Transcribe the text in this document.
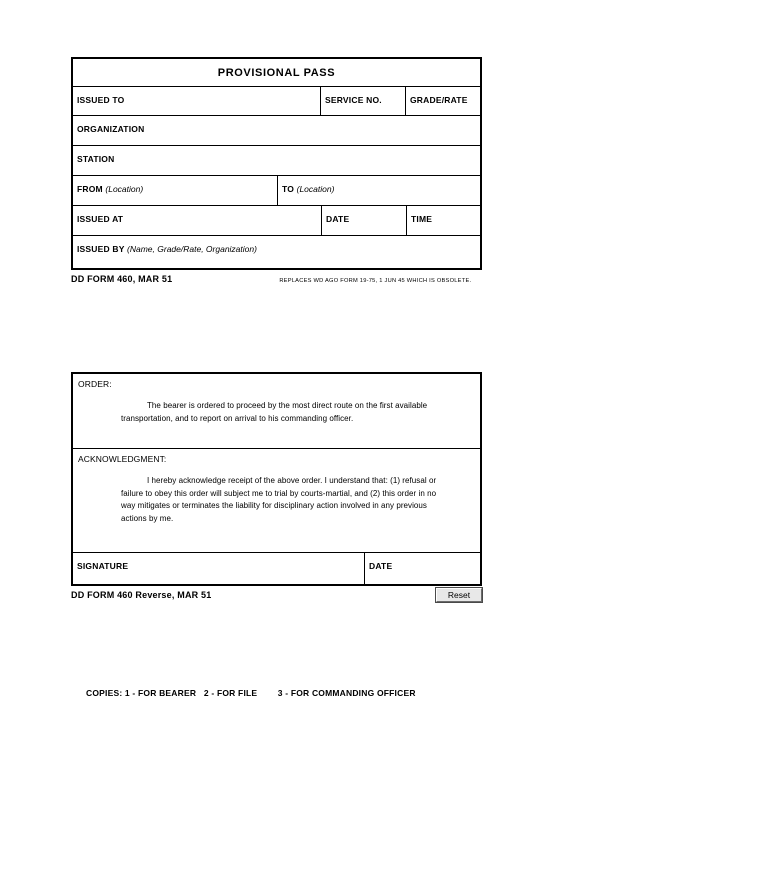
PROVISIONAL PASS
ISSUED TO	SERVICE NO.	GRADE/RATE
ORGANIZATION
STATION
FROM (Location)	TO (Location)
ISSUED AT	DATE	TIME
ISSUED BY (Name, Grade/Rate, Organization)
DD FORM 460, MAR 51	REPLACES WD AGO FORM 19-75, 1 JUN 45 WHICH IS OBSOLETE.
ORDER:
The bearer is ordered to proceed by the most direct route on the first available transportation, and to report on arrival to his commanding officer.
ACKNOWLEDGMENT:
I hereby acknowledge receipt of the above order. I understand that: (1) refusal or failure to obey this order will subject me to trial by courts-martial, and (2) this order in no way mitigates or terminates the liability for disciplinary action involved in any previous actions by me.
SIGNATURE	DATE
DD FORM 460 Reverse, MAR 51	Reset
COPIES: 1 - FOR BEARER   2 - FOR FILE        3 - FOR COMMANDING OFFICER
